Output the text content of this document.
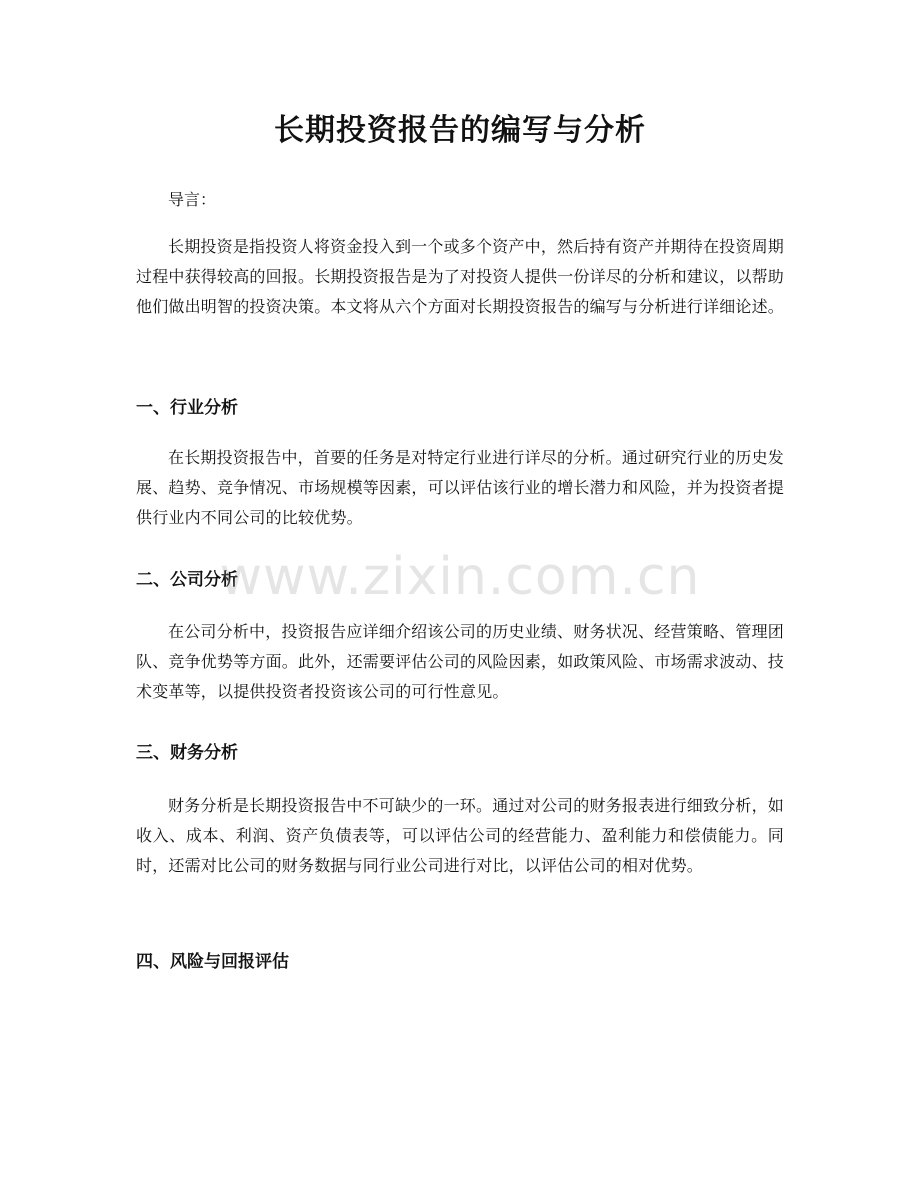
长期投资报告的编写与分析

导言：

长期投资是指投资人将资金投入到一个或多个资产中，然后持有资产并期待在投资周期过程中获得较高的回报。长期投资报告是为了对投资人提供一份详尽的分析和建议，以帮助他们做出明智的投资决策。本文将从六个方面对长期投资报告的编写与分析进行详细论述。

一、行业分析

在长期投资报告中，首要的任务是对特定行业进行详尽的分析。通过研究行业的历史发展、趋势、竞争情况、市场规模等因素，可以评估该行业的增长潜力和风险，并为投资者提供行业内不同公司的比较优势。

二、公司分析

在公司分析中，投资报告应详细介绍该公司的历史业绩、财务状况、经营策略、管理团队、竞争优势等方面。此外，还需要评估公司的风险因素，如政策风险、市场需求波动、技术变革等，以提供投资者投资该公司的可行性意见。

三、财务分析

财务分析是长期投资报告中不可缺少的一环。通过对公司的财务报表进行细致分析，如收入、成本、利润、资产负债表等，可以评估公司的经营能力、盈利能力和偿债能力。同时，还需对比公司的财务数据与同行业公司进行对比，以评估公司的相对优势。

四、风险与回报评估
www.zixin.com.cn
